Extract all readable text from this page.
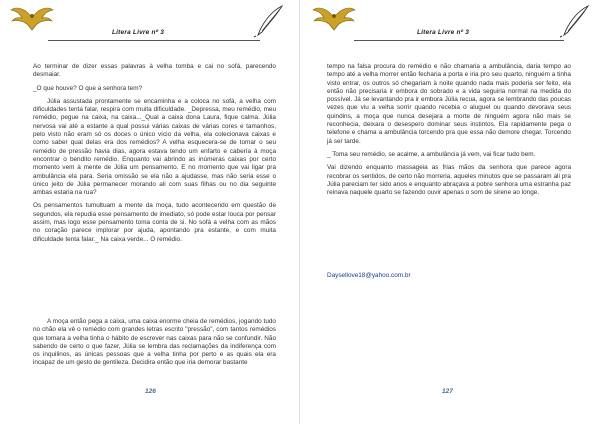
Litera Livre nº 3

Ao terminar de dizer essas palavras à velha tomba e cai no sofá, parecendo desmaiar.

_O que houve? O que a senhora tem?

Júlia assustada prontamente se encaminha e a coloca no sofá, a velha com dificuldades tenta falar, respira com muita dificuldade. _Depressa, meu remédio, meu remédio, pegue na caixa, na caixa..._Qual a caixa dona Laura, fique calma. Júlia nervosa vai até a estante a qual possui várias caixas de várias cores e tamanhos, pelo visto não eram só os doces o único vício da velha, ela colecionava caixas e como saber qual delas era dos remédios? A velha esquecera-se de tomar o seu remédio de pressão havia dias, agora estava tendo um enfarto e cabería à moça encontrar o bendito remédio. Enquanto vai abrindo as inúmeras caixas por certo momento vem à mente de Júlia um pensamento. E no momento que vai ligar pra ambulância ela para. Seria omissão se ela não a ajudasse, mas não seria esse o único jeito de Júlia permanecer morando ali com suas filhas ou no dia seguinte ambas estaria na rua?

Os pensamentos tumultuam a mente da moça, tudo acontecendo em questão de segundos, ela repudia esse pensamento de imediato, só pode estar louca por pensar assim, mas logo esse pensamento toma conta de si. No sofá a velha com as mãos no coração parece implorar por ajuda, apontando pra estante, e com muita dificuldade tenta falar._ Na caixa verde... O remédio.

A moça então pega a caixa, uma caixa enorme cheia de remédios, jogando tudo no chão ela vê o remédio com grandes letras escrito "pressão", com tantos remédios que tomara a velha tinha o hábito de escrever nas caixas para não se confundir. Não sabendo de certo o que fazer, Júlia se lembra das reclamações da indiferença com os inquilinos, as únicas pessoas que a velha tinha por perto e as quais ela era incapaz de um gesto de gentileza. Decidira então que iria demorar bastante

126
Litera Livre nº 3

tempo na falsa procura do remédio e não chamaria a ambulância, daria tempo ao tempo até a velha morrer então fecharia a porta e iria pro seu quarto, ninguém a tinha visto entrar, os outros só chegariam à noite quando nada mais poderia ser feito, ela então não precisaria ir embora do sobrado e a vida seguiria normal na medida do possível. Já se levantando pra ir embora Júlia recua, agora se lembrando das poucas vezes que viu a velha sorrir quando recebia o aluguel ou quando devorava seus quindins, a moça que nunca desejara a morte de ninguém agora não mais se reconhecia, deixara o desespero dominar seus instintos. Ela rapidamente pega o telefone e chama a ambulância torcendo pra que essa não demore chegar. Torcendo já ser tarde.

_ Toma seu remédio, se acalme, a ambulância já vem, vai ficar tudo bem.

Vai dizendo enquanto massageia as frias mãos da senhora que parece agora recobrar os sentidos, de certo não morreria, aqueles minutos que se passaram ali pra Júlia pareciam ter sido anos e enquanto abraçava a pobre senhora uma estranha paz reinava naquele quarto se fazendo ouvir apenas o som de sirene ao longe.

Daysellove18@yahoo.com.br
127
